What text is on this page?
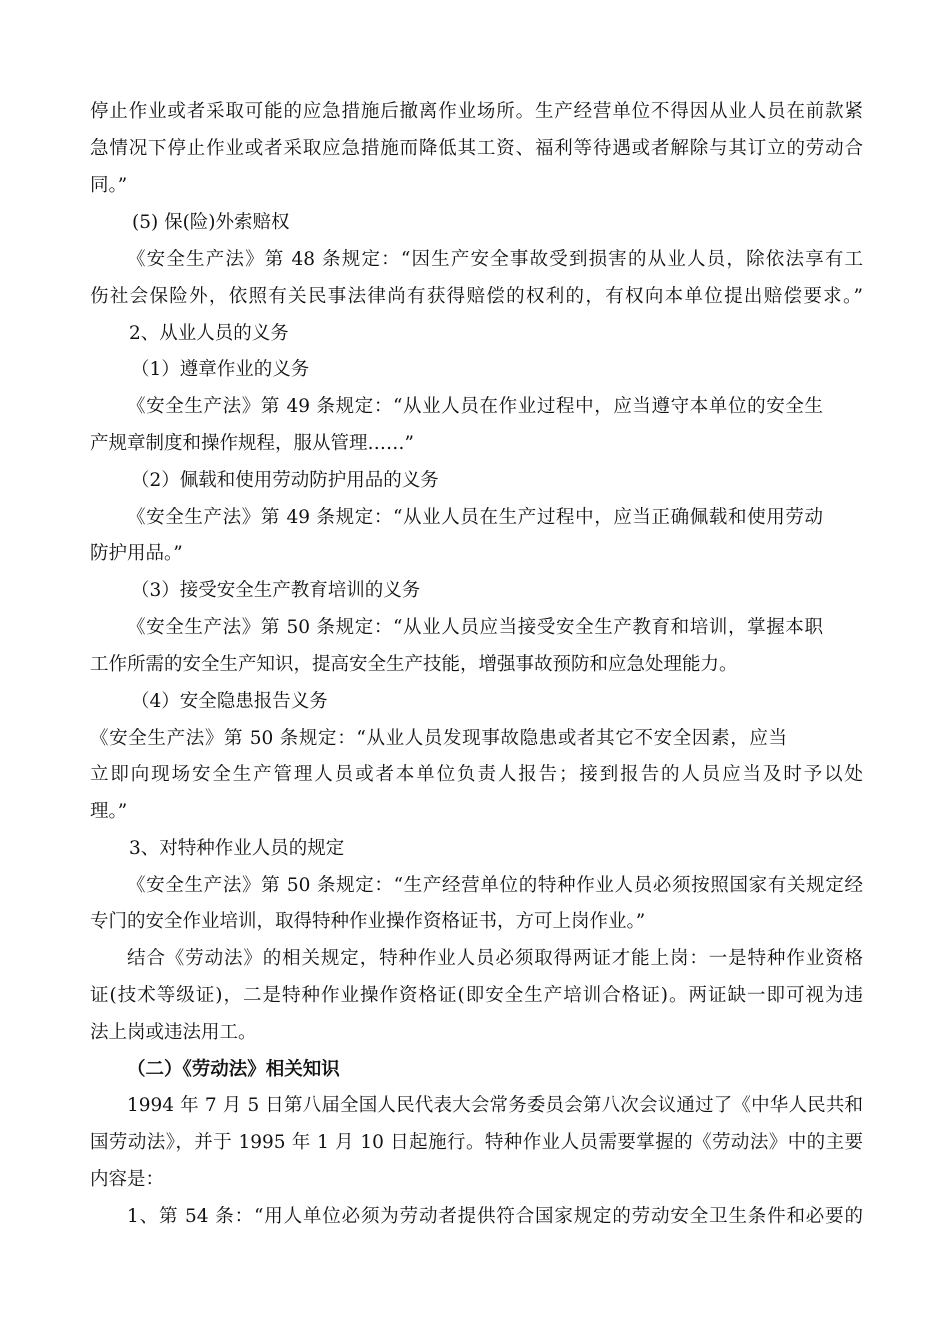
停止作业或者采取可能的应急措施后撤离作业场所。生产经营单位不得因从业人员在前款紧
急情况下停止作业或者采取应急措施而降低其工资、福利等待遇或者解除与其订立的劳动合
同。”
(5) 保(险)外索赔权
《安全生产法》第 48 条规定：“因生产安全事故受到损害的从业人员，除依法享有工
伤社会保险外，依照有关民事法律尚有获得赔偿的权利的，有权向本单位提出赔偿要求。”
2、从业人员的义务
（1）遵章作业的义务
《安全生产法》第 49 条规定：“从业人员在作业过程中，应当遵守本单位的安全生
产规章制度和操作规程，服从管理……”
（2）佩载和使用劳动防护用品的义务
《安全生产法》第 49 条规定：“从业人员在生产过程中，应当正确佩载和使用劳动
防护用品。”
（3）接受安全生产教育培训的义务
《安全生产法》第 50 条规定：“从业人员应当接受安全生产教育和培训，掌握本职
工作所需的安全生产知识，提高安全生产技能，增强事故预防和应急处理能力。
（4）安全隐患报告义务
《安全生产法》第 50 条规定：“从业人员发现事故隐患或者其它不安全因素，应当
立即向现场安全生产管理人员或者本单位负责人报告；接到报告的人员应当及时予以处
理。”
3、对特种作业人员的规定
《安全生产法》第 50 条规定：“生产经营单位的特种作业人员必须按照国家有关规定经
专门的安全作业培训，取得特种作业操作资格证书，方可上岗作业。”
结合《劳动法》的相关规定，特种作业人员必须取得两证才能上岗：一是特种作业资格
证(技术等级证)，二是特种作业操作资格证(即安全生产培训合格证)。两证缺一即可视为违
法上岗或违法用工。
（二）《劳动法》相关知识
1994 年 7 月 5 日第八届全国人民代表大会常务委员会第八次会议通过了《中华人民共和
国劳动法》，并于 1995 年 1 月 10 日起施行。特种作业人员需要掌握的《劳动法》中的主要
内容是：
1、第 54 条：“用人单位必须为劳动者提供符合国家规定的劳动安全卫生条件和必要的
